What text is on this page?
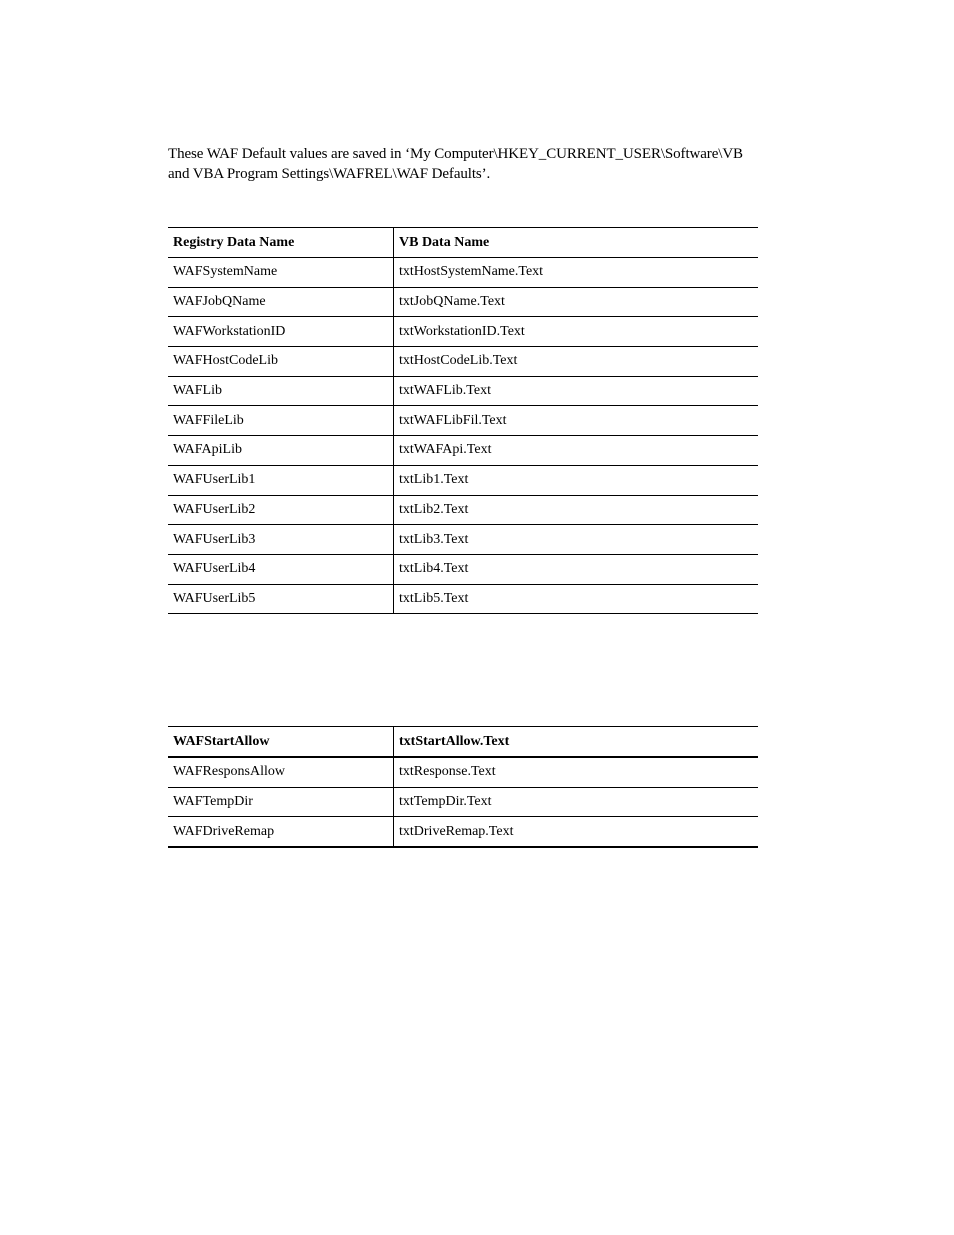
These WAF Default values are saved in ‘My Computer\HKEY_CURRENT_USER\Software\VB
and VBA Program Settings\WAFREL\WAF Defaults’.

Registry Data Name	VB Data Name
WAFSystemName	txtHostSystemName.Text
WAFJobQName	txtJobQName.Text
WAFWorkstationID	txtWorkstationID.Text
WAFHostCodeLib	txtHostCodeLib.Text
WAFLib	txtWAFLib.Text
WAFFileLib	txtWAFLibFil.Text
WAFApiLib	txtWAFApi.Text
WAFUserLib1	txtLib1.Text
WAFUserLib2	txtLib2.Text
WAFUserLib3	txtLib3.Text
WAFUserLib4	txtLib4.Text
WAFUserLib5	txtLib5.Text
WAFStartAllow	txtStartAllow.Text
WAFResponsAllow	txtResponse.Text
WAFTempDir	txtTempDir.Text
WAFDriveRemap	txtDriveRemap.Text
